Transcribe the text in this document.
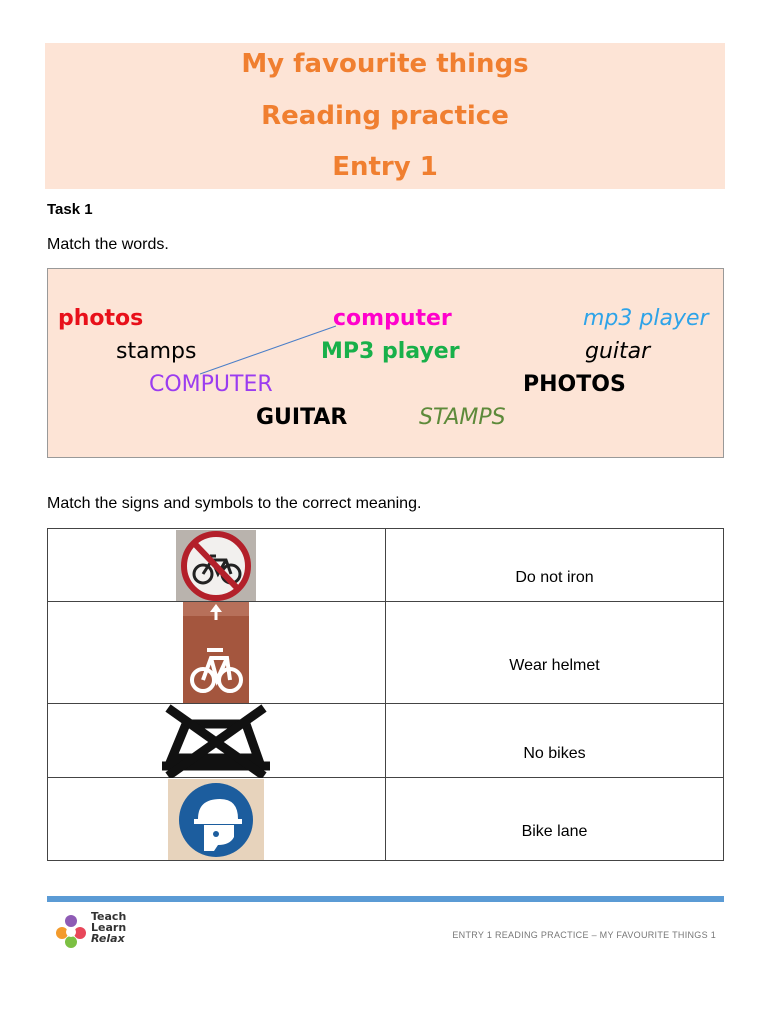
My favourite things
Reading practice
Entry 1
Task 1
Match the words.
photos	computer	mp3 player
stamps	MP3 player	guitar
COMPUTER	PHOTOS
GUITAR	STAMPS
Match the signs and symbols to the correct meaning.

Do not iron

Wear helmet

No bikes

Bike lane
Teach
Learn
Relax	ENTRY 1 READING PRACTICE – MY FAVOURITE THINGS 1
